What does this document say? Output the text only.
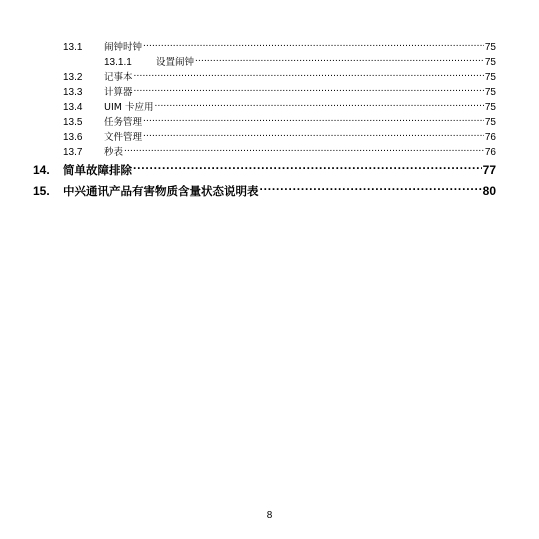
13.1	闹钟时钟 .....	75
13.1.1	设置闹钟 .....	75
13.2	记事本 .....	75
13.3	计算器 .....	75
13.4	UIM 卡应用 .....	75
13.5	任务管理 .....	75
13.6	文件管理 .....	76
13.7	秒表 .....	76
14.	简单故障排除 .....	77
15.	中兴通讯产品有害物质含量状态说明表 .....	80
8
